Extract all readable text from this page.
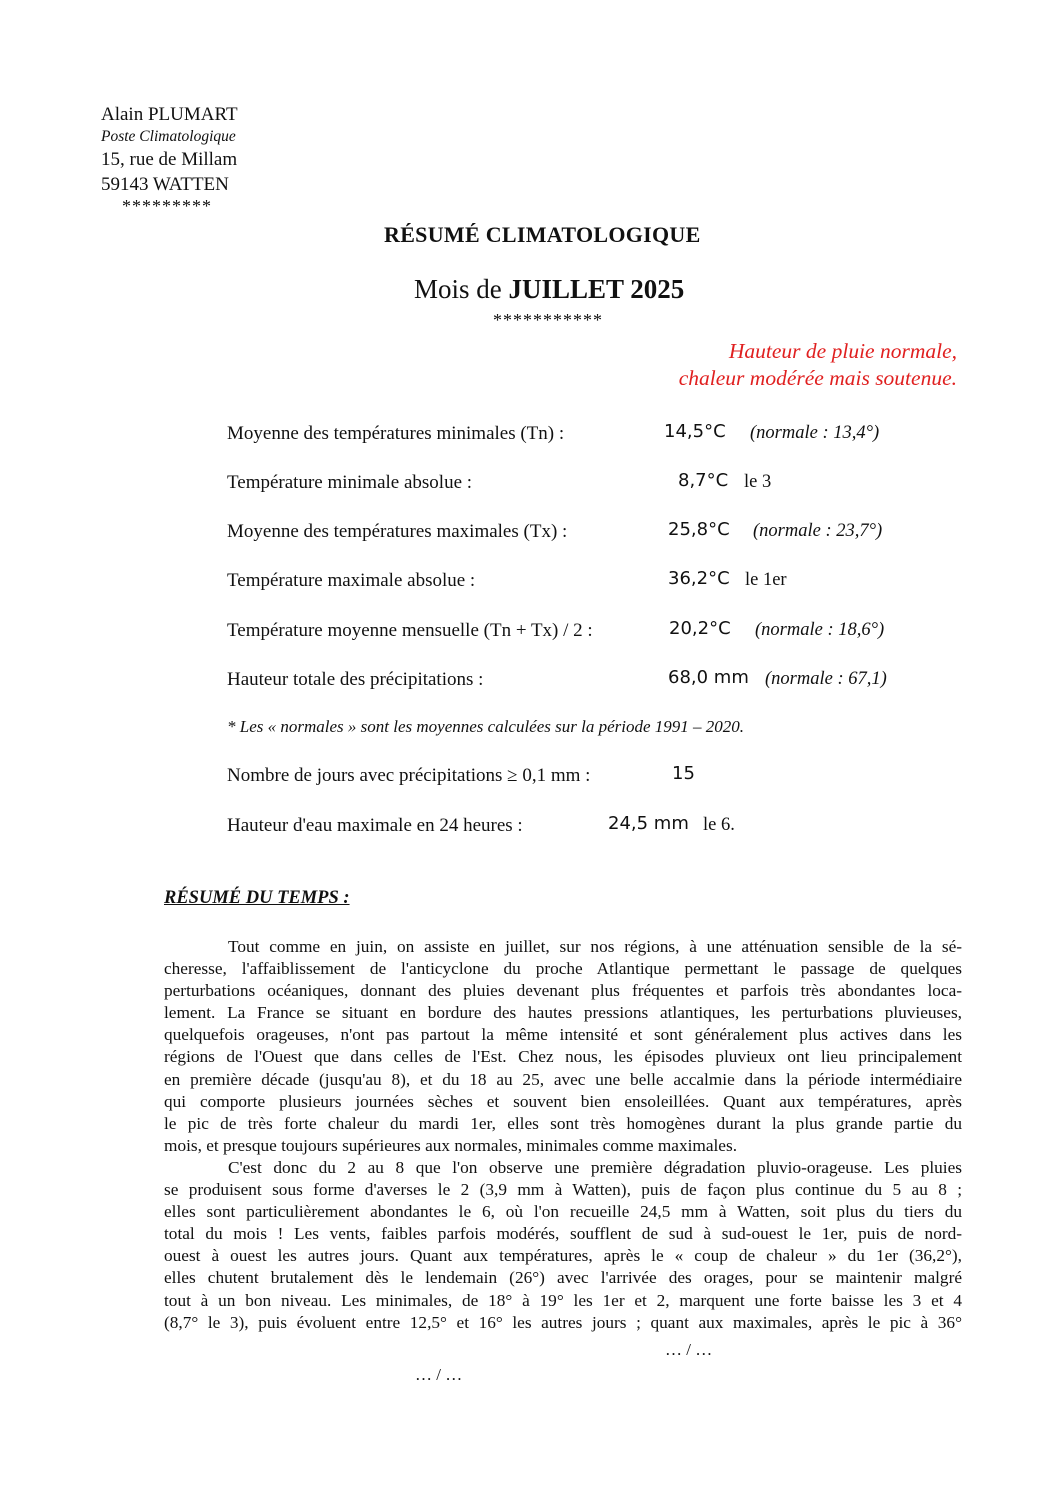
Alain PLUMART
Poste Climatologique
15, rue de Millam
59143 WATTEN
*********
RÉSUMÉ CLIMATOLOGIQUE
Mois de JUILLET 2025
***********
Hauteur de pluie normale,
chaleur modérée mais soutenue.
Moyenne des températures minimales (Tn) :	14,5°C (normale : 13,4°)
Température minimale absolue :	8,7°C le 3
Moyenne des températures maximales (Tx) :	25,8°C (normale : 23,7°)
Température maximale absolue :	36,2°C le 1er
Température moyenne mensuelle (Tn + Tx) / 2 :	20,2°C (normale : 18,6°)
Hauteur totale des précipitations :	68,0 mm (normale : 67,1)
* Les « normales » sont les moyennes calculées sur la période 1991 – 2020.
Nombre de jours avec précipitations ≥ 0,1 mm :	15
Hauteur d'eau maximale en 24 heures :	24,5 mm le 6.
RÉSUMÉ DU TEMPS :
Tout comme en juin, on assiste en juillet, sur nos régions, à une atténuation sensible de la sé-
cheresse, l'affaiblissement de l'anticyclone du proche Atlantique permettant le passage de quelques
perturbations océaniques, donnant des pluies devenant plus fréquentes et parfois très abondantes loca-
lement. La France se situant en bordure des hautes pressions atlantiques, les perturbations pluvieuses,
quelquefois orageuses, n'ont pas partout la même intensité et sont généralement plus actives dans les
régions de l'Ouest que dans celles de l'Est. Chez nous, les épisodes pluvieux ont lieu principalement
en première décade (jusqu'au 8), et du 18 au 25, avec une belle accalmie dans la période intermédiaire
qui comporte plusieurs journées sèches et souvent bien ensoleillées. Quant aux températures, après
le pic de très forte chaleur du mardi 1er, elles sont très homogènes durant la plus grande partie du
mois, et presque toujours supérieures aux normales, minimales comme maximales.
C'est donc du 2 au 8 que l'on observe une première dégradation pluvio-orageuse. Les pluies
se produisent sous forme d'averses le 2 (3,9 mm à Watten), puis de façon plus continue du 5 au 8 ;
elles sont particulièrement abondantes le 6, où l'on recueille 24,5 mm à Watten, soit plus du tiers du
total du mois ! Les vents, faibles parfois modérés, soufflent de sud à sud-ouest le 1er, puis de nord-
ouest à ouest les autres jours. Quant aux températures, après le « coup de chaleur » du 1er (36,2°),
elles chutent brutalement dès le lendemain (26°) avec l'arrivée des orages, pour se maintenir malgré
tout à un bon niveau. Les minimales, de 18° à 19° les 1er et 2, marquent une forte baisse les 3 et 4
(8,7° le 3), puis évoluent entre 12,5° et 16° les autres jours ; quant aux maximales, après le pic à 36°
… / …
… / …
